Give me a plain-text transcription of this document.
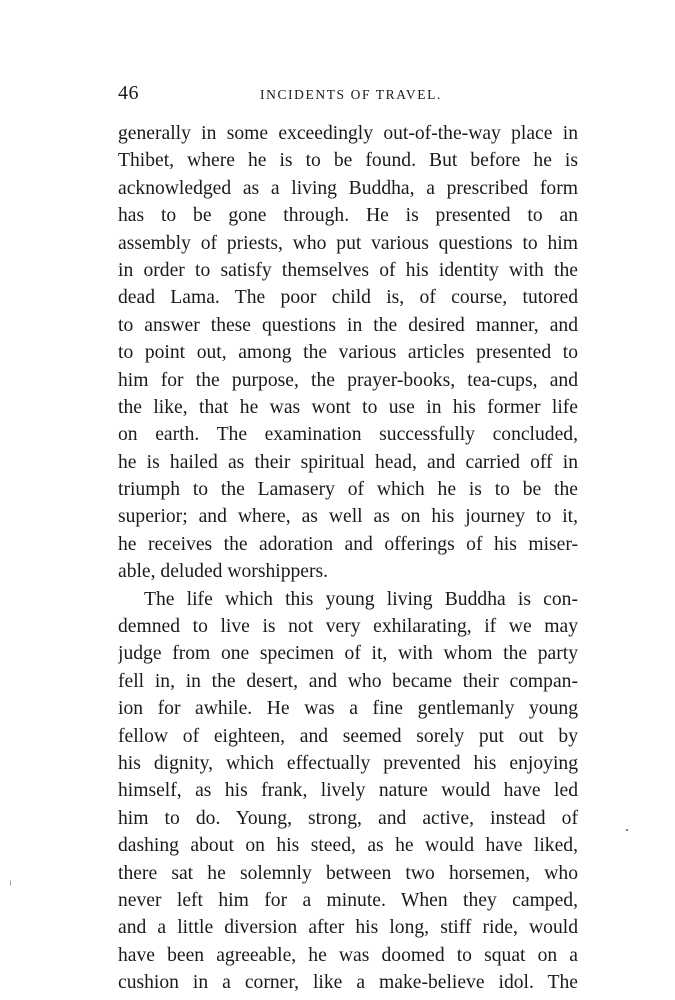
46	INCIDENTS OF TRAVEL.
generally in some exceedingly out-of-the-way place in
Thibet, where he is to be found. But before he is
acknowledged as a living Buddha, a prescribed form
has to be gone through. He is presented to an
assembly of priests, who put various questions to him
in order to satisfy themselves of his identity with the
dead Lama. The poor child is, of course, tutored
to answer these questions in the desired manner, and
to point out, among the various articles presented to
him for the purpose, the prayer-books, tea-cups, and
the like, that he was wont to use in his former life
on earth. The examination successfully concluded,
he is hailed as their spiritual head, and carried off in
triumph to the Lamasery of which he is to be the
superior; and where, as well as on his journey to it,
he receives the adoration and offerings of his miser-
able, deluded worshippers.
The life which this young living Buddha is con-
demned to live is not very exhilarating, if we may
judge from one specimen of it, with whom the party
fell in, in the desert, and who became their compan-
ion for awhile. He was a fine gentlemanly young
fellow of eighteen, and seemed sorely put out by
his dignity, which effectually prevented his enjoying
himself, as his frank, lively nature would have led
him to do. Young, strong, and active, instead of
dashing about on his steed, as he would have liked,
there sat he solemnly between two horsemen, who
never left him for a minute. When they camped,
and a little diversion after his long, stiff ride, would
have been agreeable, he was doomed to squat on a
cushion in a corner, like a make-believe idol. The
